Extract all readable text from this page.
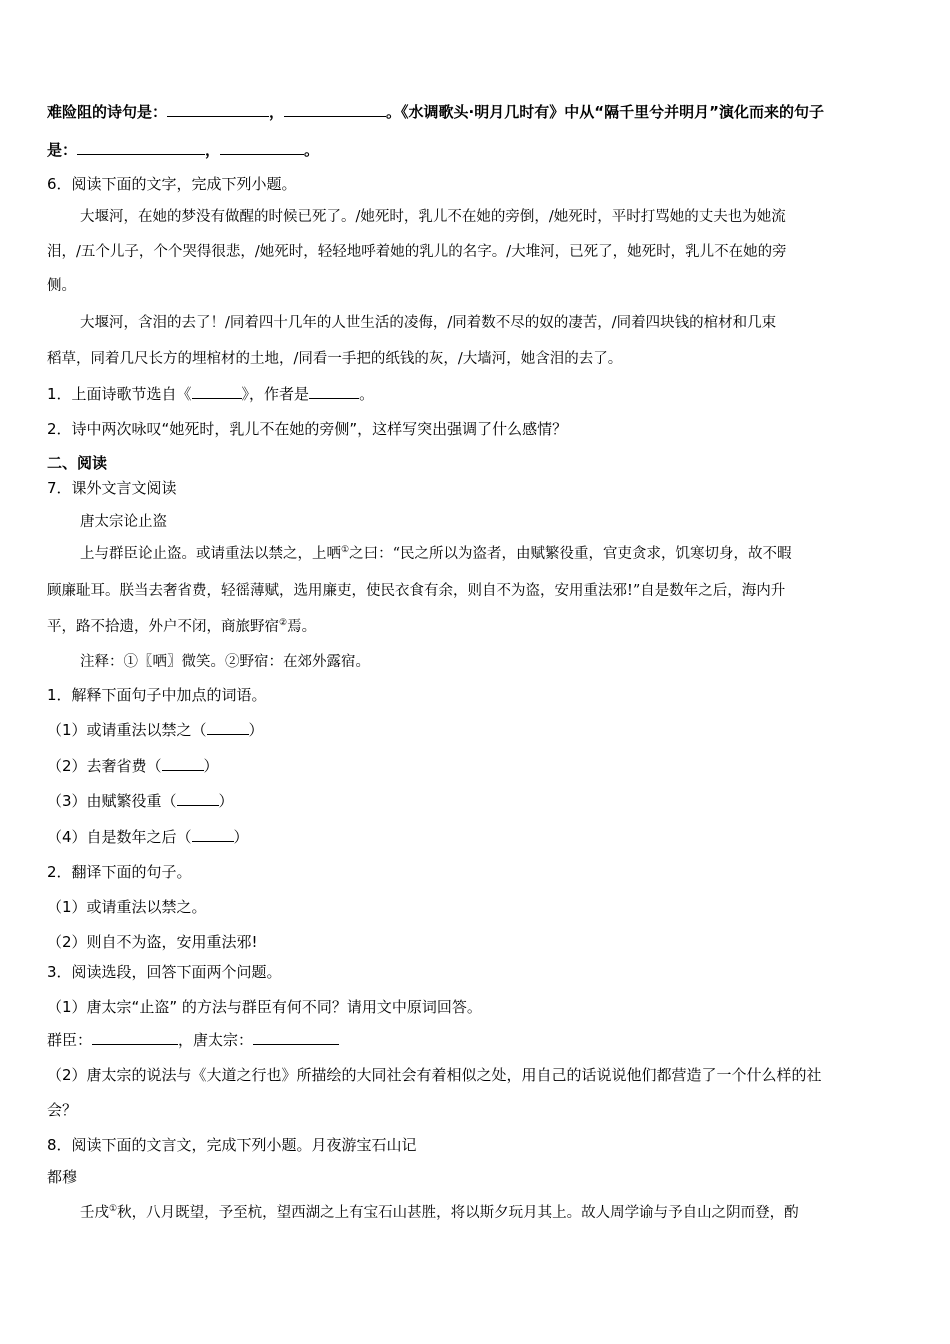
难险阻的诗句是：	，	。《水调歌头·明月几时有》中从“隔千里兮并明月”演化而来的句子
是：	，	。
6．阅读下面的文字，完成下列小题。
大堰河，在她的梦没有做醒的时候已死了。/她死时，乳儿不在她的旁倒，/她死时，平时打骂她的丈夫也为她流
泪，/五个儿子，个个哭得很悲，/她死时，轻轻地呼着她的乳儿的名字。/大堆河，已死了，她死时，乳儿不在她的旁
侧。
大堰河，含泪的去了！/同着四十几年的人世生活的凌侮，/同着数不尽的奴的凄苦，/同着四块钱的棺材和几束
稻草，同着几尺长方的埋棺材的土地，/同看一手把的纸钱的灰，/大墙河，她含泪的去了。
1．上面诗歌节选自《	》，作者是	。
2．诗中两次咏叹“她死时，乳儿不在她的旁侧”，这样写突出强调了什么感情？
二、阅读
7．课外文言文阅读
唐太宗论止盗
上与群臣论止盗。或请重法以禁之，上哂①之曰：“民之所以为盗者，由赋繁役重，官吏贪求，饥寒切身，故不暇
顾廉耻耳。朕当去奢省费，轻徭薄赋，选用廉吏，使民衣食有余，则自不为盗，安用重法邪!”自是数年之后，海内升
平，路不拾遗，外户不闭，商旅野宿②焉。
注释：①〖哂〗微笑。②野宿：在郊外露宿。
1．解释下面句子中加点的词语。
（1）或请重法以禁之（	）
（2）去奢省费（	）
（3）由赋繁役重（	）
（4）自是数年之后（	）
2．翻译下面的句子。
（1）或请重法以禁之。
（2）则自不为盗，安用重法邪!
3．阅读选段，回答下面两个问题。
（1）唐太宗“止盗” 的方法与群臣有何不同？请用文中原词回答。
群臣：	，唐太宗：
（2）唐太宗的说法与《大道之行也》所描绘的大同社会有着相似之处，用自己的话说说他们都营造了一个什么样的社
会？
8．阅读下面的文言文，完成下列小题。月夜游宝石山记
都穆
壬戌①秋，八月既望，予至杭，望西湖之上有宝石山甚胜，将以斯夕玩月其上。故人周学谕与予自山之阴而登，酌
